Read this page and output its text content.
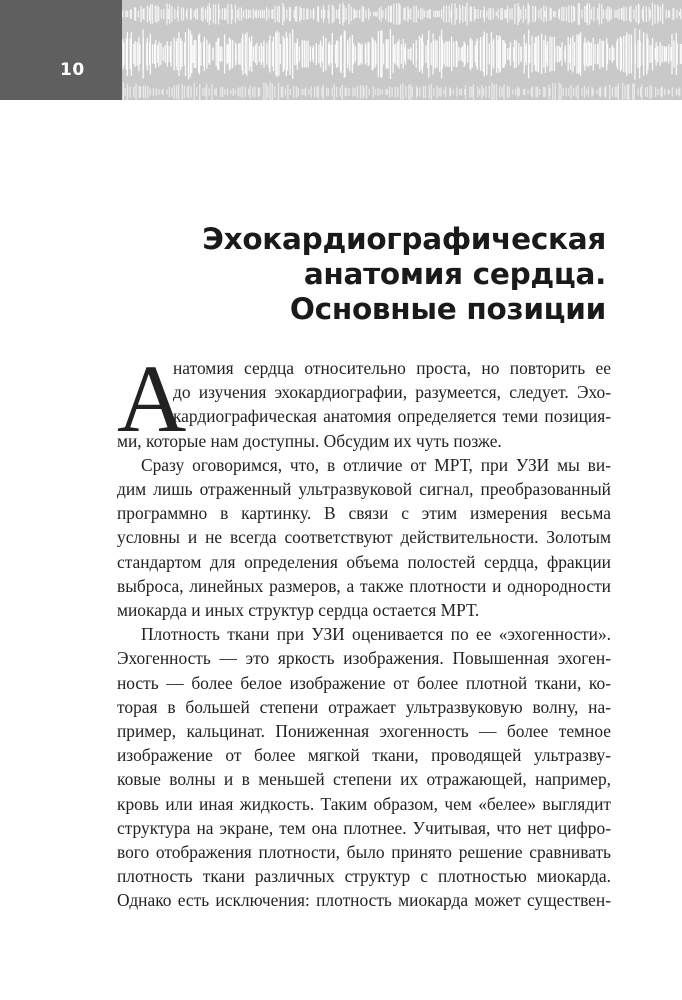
10
Эхокардиографическая
анатомия сердца.
Основные позиции
А
натомия сердца относительно проста, но повторить ее
до изучения эхокардиографии, разумеется, следует. Эхо-
кардиографическая анатомия определяется теми позиция-
ми, которые нам доступны. Обсудим их чуть позже.
Сразу оговоримся, что, в отличие от МРТ, при УЗИ мы ви-
дим лишь отраженный ультразвуковой сигнал, преобразованный
программно в картинку. В связи с этим измерения весьма
условны и не всегда соответствуют действительности. Золотым
стандартом для определения объема полостей сердца, фракции
выброса, линейных размеров, а также плотности и однородности
миокарда и иных структур сердца остается МРТ.
Плотность ткани при УЗИ оценивается по ее «эхогенности».
Эхогенность — это яркость изображения. Повышенная эхоген-
ность — более белое изображение от более плотной ткани, ко-
торая в большей степени отражает ультразвуковую волну, на-
пример, кальцинат. Пониженная эхогенность — более темное
изображение от более мягкой ткани, проводящей ультразву-
ковые волны и в меньшей степени их отражающей, например,
кровь или иная жидкость. Таким образом, чем «белее» выглядит
структура на экране, тем она плотнее. Учитывая, что нет цифро-
вого отображения плотности, было принято решение сравнивать
плотность ткани различных структур с плотностью миокарда.
Однако есть исключения: плотность миокарда может существен-
